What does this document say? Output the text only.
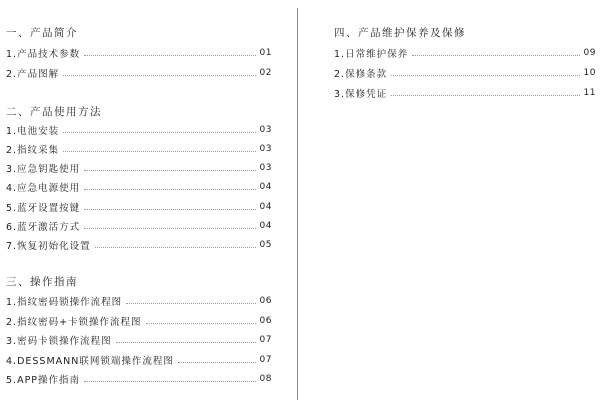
一、产品简介
1.产品技术参数	01
2.产品图解	02
二、产品使用方法
1.电池安装	03
2.指纹采集	03
3.应急钥匙使用	03
4.应急电源使用	04
5.蓝牙设置按键	04
6.蓝牙激活方式	04
7.恢复初始化设置	05
三、操作指南
1.指纹密码锁操作流程图	06
2.指纹密码+卡锁操作流程图	06
3.密码卡锁操作流程图	07
4.DESSMANN联网锁端操作流程图	07
5.APP操作指南	08
四、产品维护保养及保修
1.日常维护保养	09
2.保修条款	10
3.保修凭证	11
